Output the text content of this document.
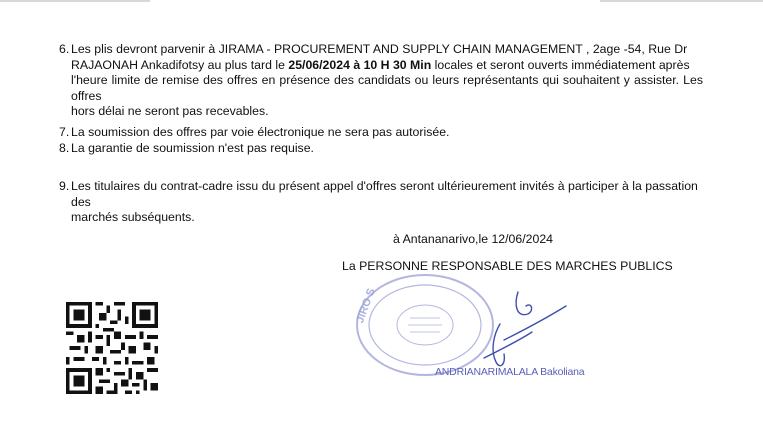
6. Les plis devront parvenir à JIRAMA - PROCUREMENT AND SUPPLY CHAIN MANAGEMENT , 2age -54, Rue Dr
RAJAONAH Ankadifotsy au plus tard le 25/06/2024 à 10 H 30 Min locales et seront ouverts immédiatement après
l'heure limite de remise des offres en présence des candidats ou leurs représentants qui souhaitent y assister. Les offres
hors délai ne seront pas recevables.
7. La soumission des offres par voie électronique ne sera pas autorisée.
8. La garantie de soumission n'est pas requise.
9. Les titulaires du contrat-cadre issu du présent appel d'offres seront ultérieurement invités à participer à la passation des
marchés subséquents.
à Antananarivo,le 12/06/2024
La PERSONNE RESPONSABLE DES MARCHES PUBLICS
JIRO S
ANDRIANARIMALALA Bakoliana
